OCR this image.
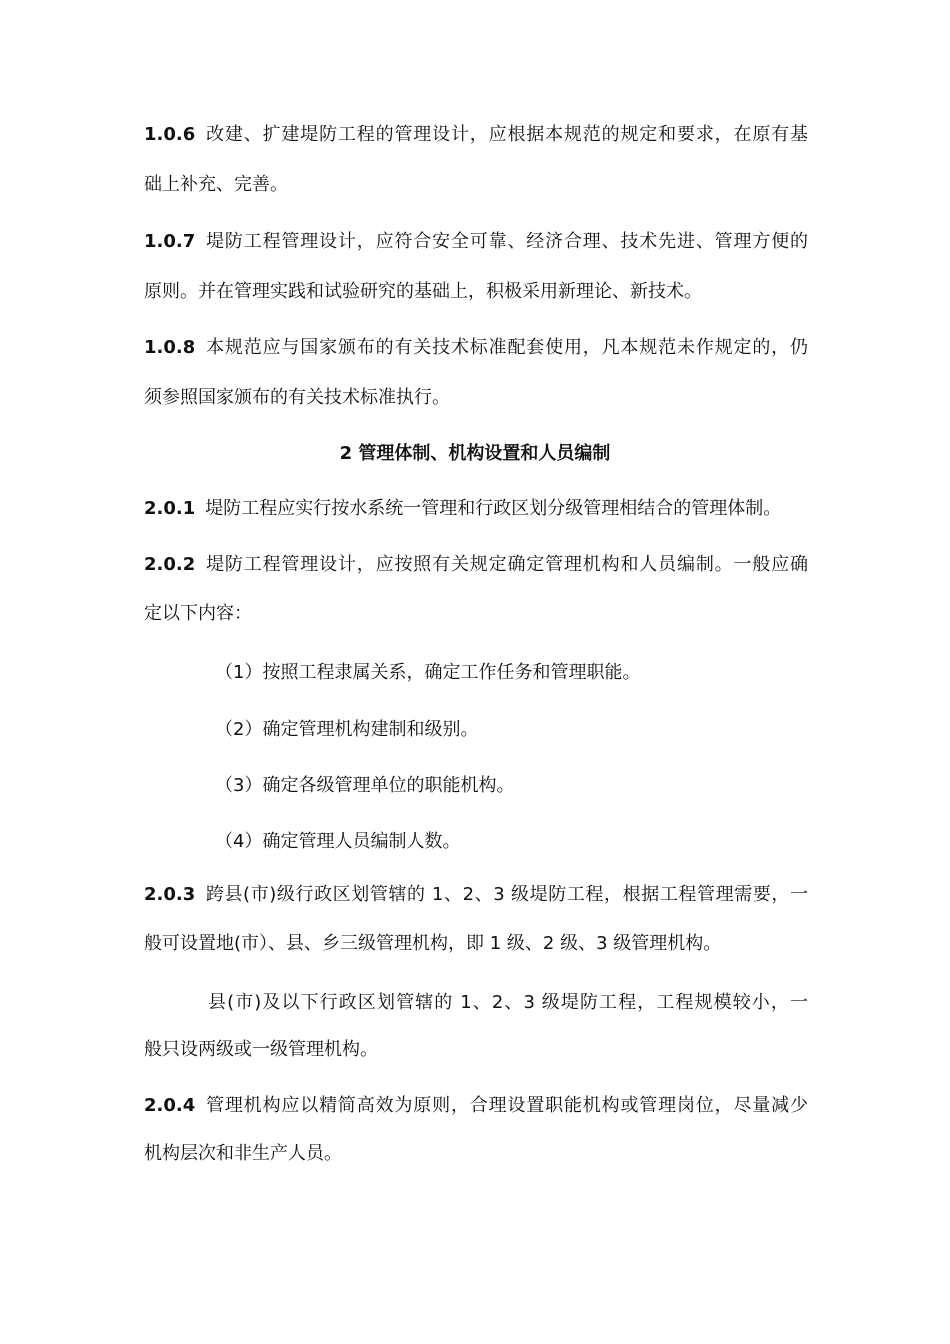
1.0.6 改建、扩建堤防工程的管理设计，应根据本规范的规定和要求，在原有基
础上补充、完善。
1.0.7 堤防工程管理设计，应符合安全可靠、经济合理、技术先进、管理方便的
原则。并在管理实践和试验研究的基础上，积极采用新理论、新技术。
1.0.8 本规范应与国家颁布的有关技术标准配套使用，凡本规范未作规定的，仍
须参照国家颁布的有关技术标准执行。
2 管理体制、机构设置和人员编制
2.0.1 堤防工程应实行按水系统一管理和行政区划分级管理相结合的管理体制。
2.0.2 堤防工程管理设计，应按照有关规定确定管理机构和人员编制。一般应确
定以下内容：
（1）按照工程隶属关系，确定工作任务和管理职能。
（2）确定管理机构建制和级别。
（3）确定各级管理单位的职能机构。
（4）确定管理人员编制人数。
2.0.3 跨县(市)级行政区划管辖的 1、2、3 级堤防工程，根据工程管理需要，一
般可设置地(市）、县、乡三级管理机构，即 1 级、2 级、3 级管理机构。
县(市)及以下行政区划管辖的 1、2、3 级堤防工程，工程规模较小，一
般只设两级或一级管理机构。
2.0.4 管理机构应以精简高效为原则，合理设置职能机构或管理岗位，尽量减少
机构层次和非生产人员。
